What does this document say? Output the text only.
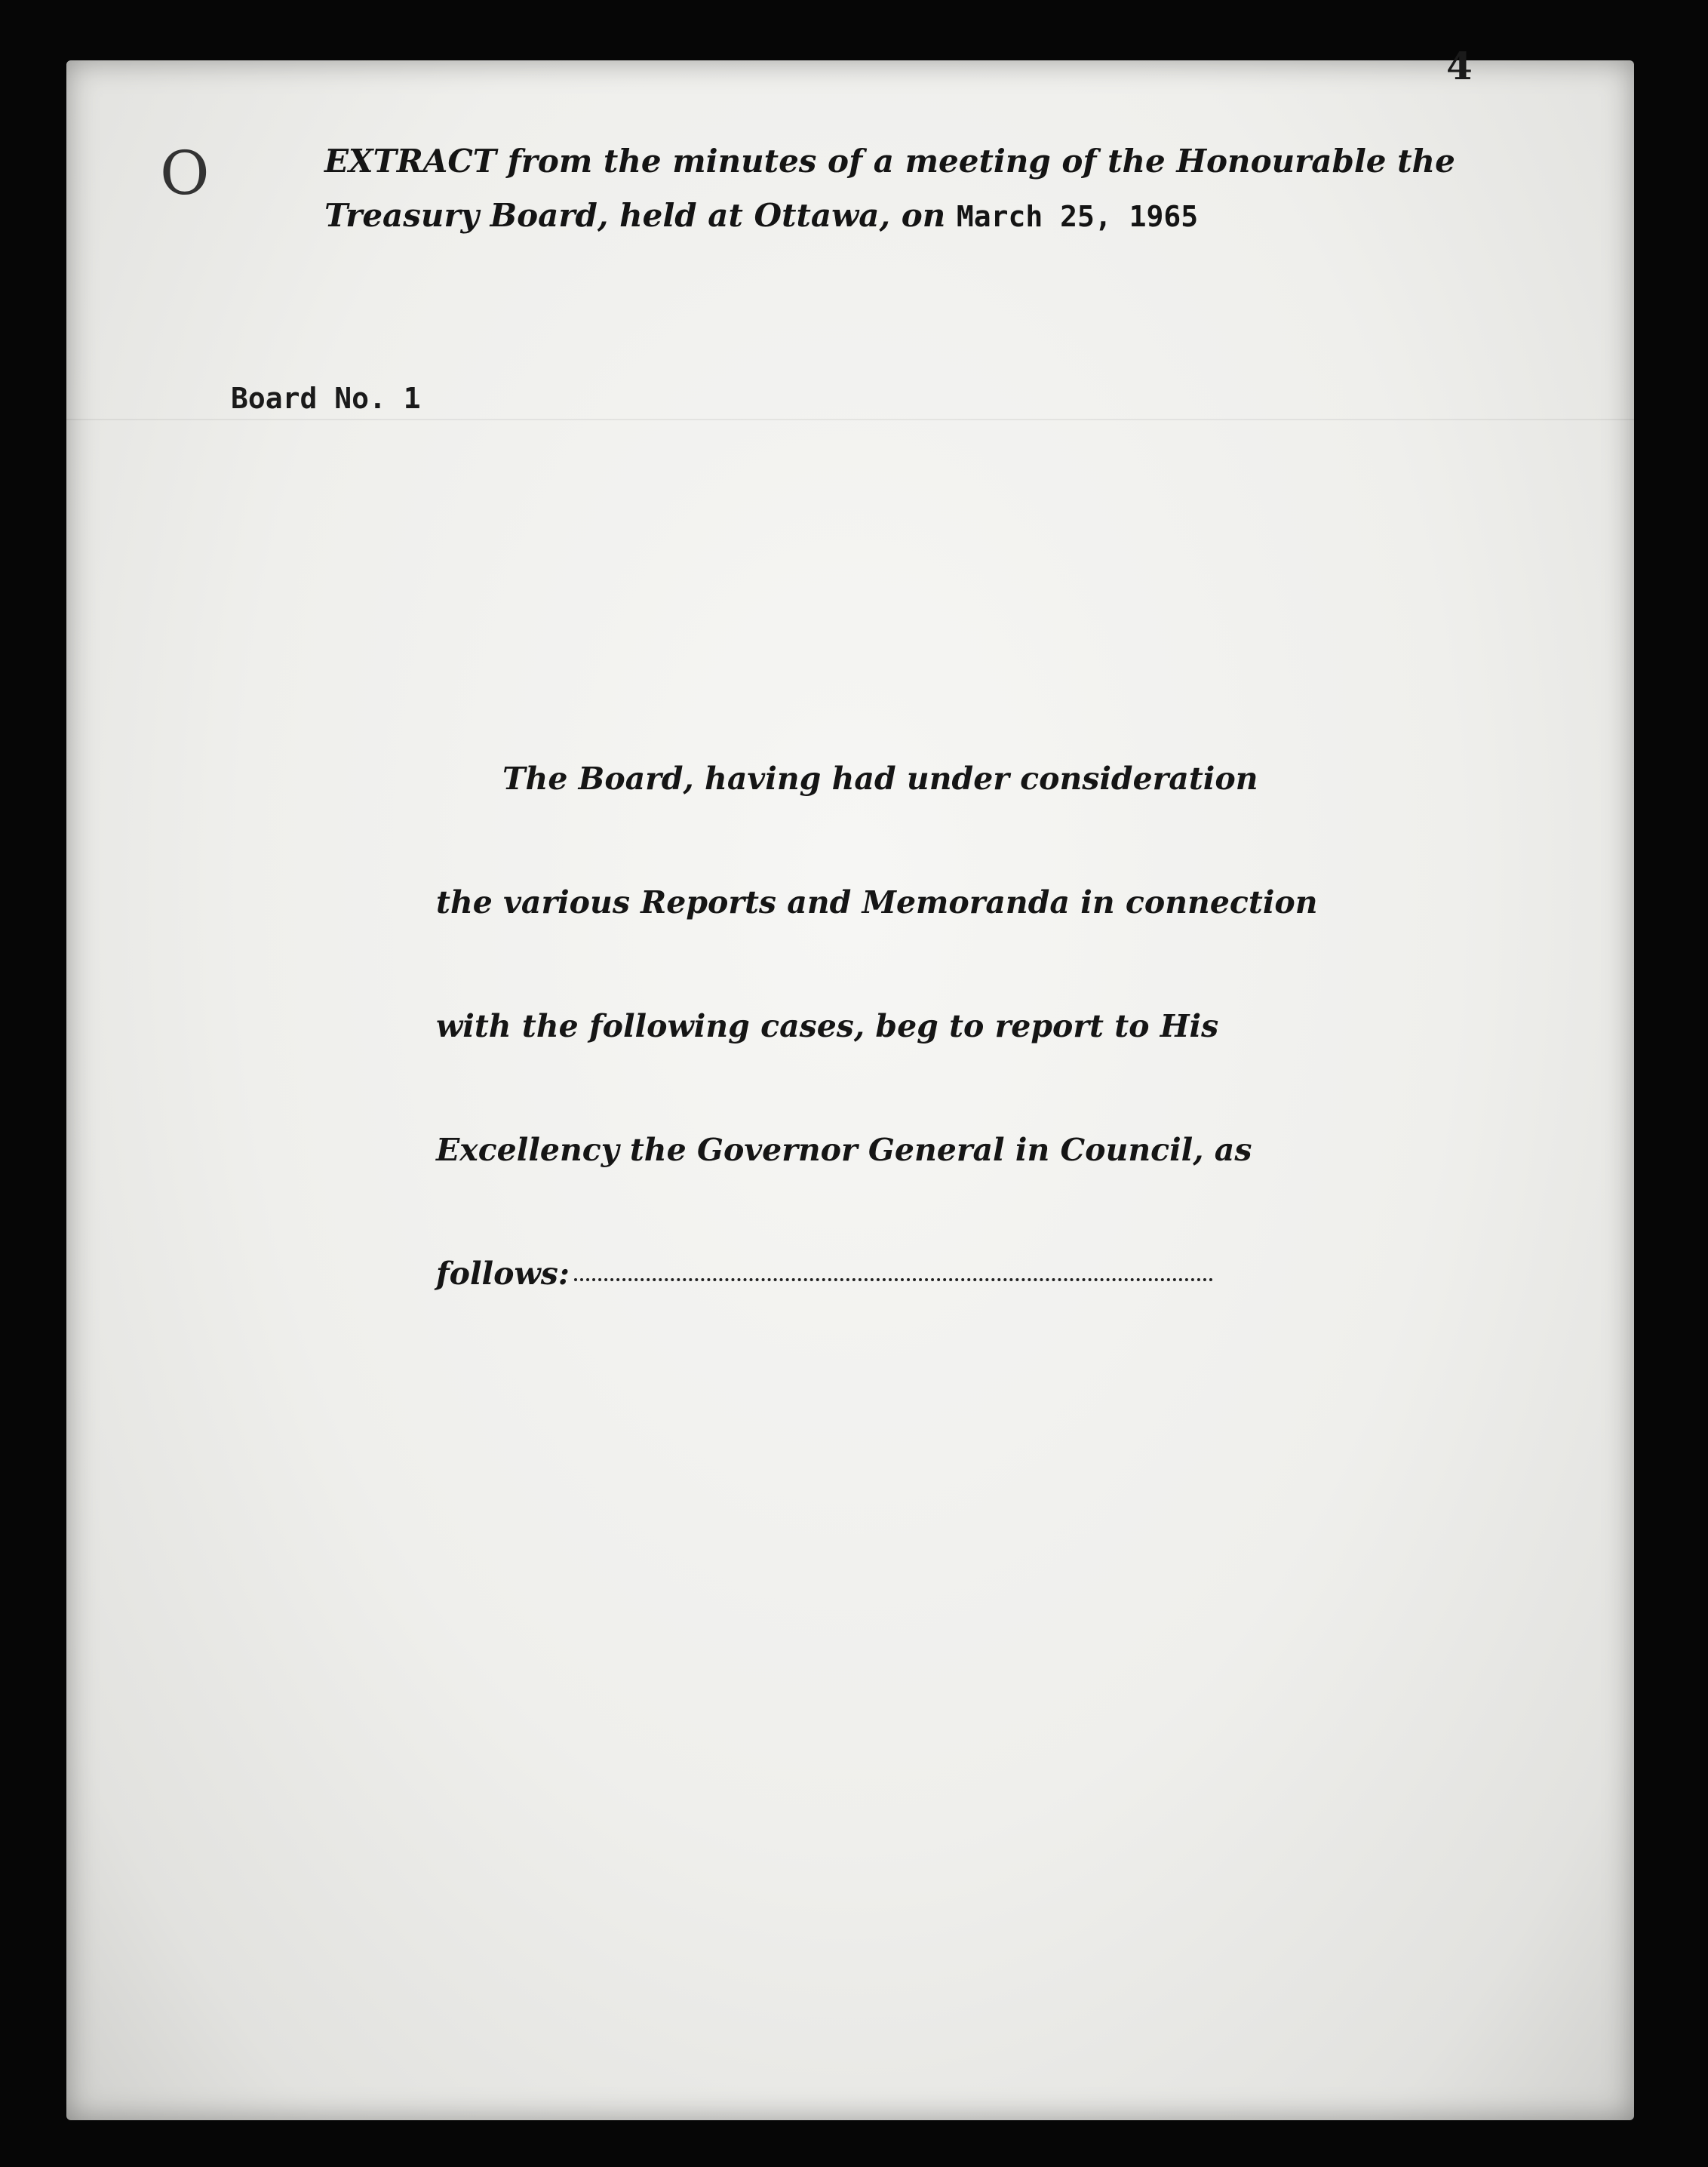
4
O	EXTRACT from the minutes of a meeting of the Honourable the
Treasury Board, held at Ottawa, on March 25, 1965
Board No. 1
The Board, having had under consideration
the various Reports and Memoranda in connection
with the following cases, beg to report to His
Excellency the Governor General in Council, as
follows:
